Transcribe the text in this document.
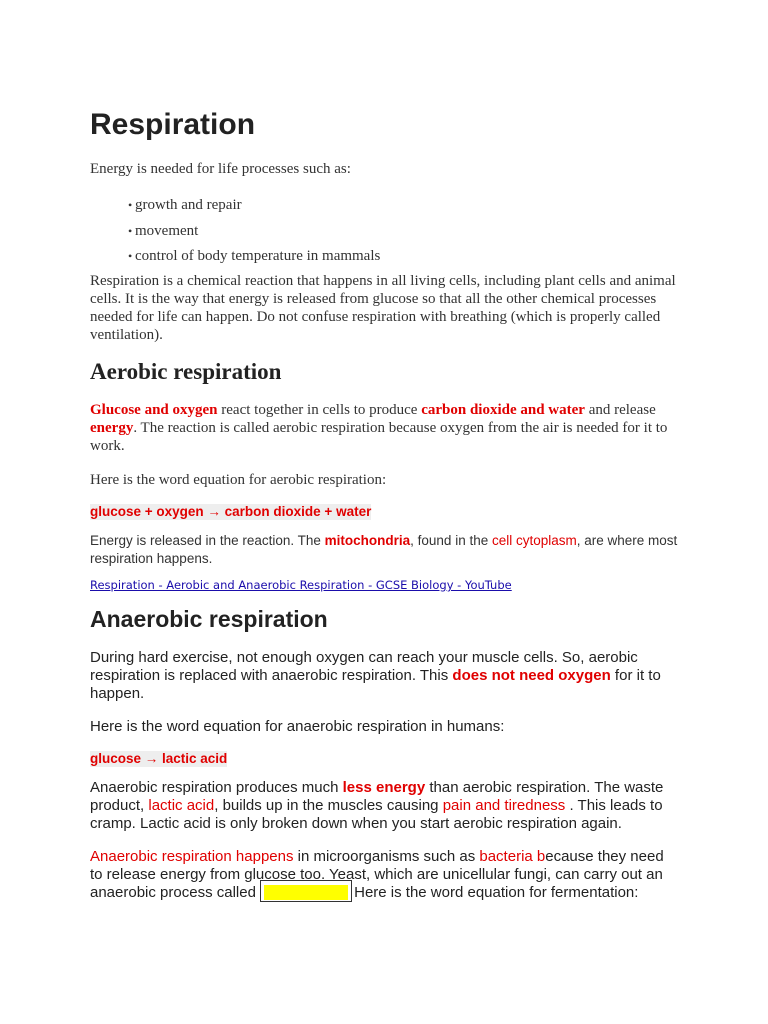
Respiration

Energy is needed for life processes such as:

• growth and repair
• movement
• control of body temperature in mammals

Respiration is a chemical reaction that happens in all living cells, including plant cells and animal cells. It is the way that energy is released from glucose so that all the other chemical processes needed for life can happen. Do not confuse respiration with breathing (which is properly called ventilation).

Aerobic respiration

Glucose and oxygen react together in cells to produce carbon dioxide and water and release energy. The reaction is called aerobic respiration because oxygen from the air is needed for it to work.

Here is the word equation for aerobic respiration:

glucose + oxygen → carbon dioxide + water

Energy is released in the reaction. The mitochondria, found in the cell cytoplasm, are where most respiration happens.

Respiration - Aerobic and Anaerobic Respiration - GCSE Biology - YouTube
Anaerobic respiration

During hard exercise, not enough oxygen can reach your muscle cells. So, aerobic respiration is replaced with anaerobic respiration. This does not need oxygen for it to happen.

Here is the word equation for anaerobic respiration in humans:

glucose → lactic acid

Anaerobic respiration produces much less energy than aerobic respiration. The waste product, lactic acid, builds up in the muscles causing pain and tiredness . This leads to cramp. Lactic acid is only broken down when you start aerobic respiration again.

Anaerobic respiration happens in microorganisms such as bacteria because they need to release energy from glucose too. Yeast, which are unicellular fungi, can carry out an anaerobic process called	Here is the word equation for fermentation:
